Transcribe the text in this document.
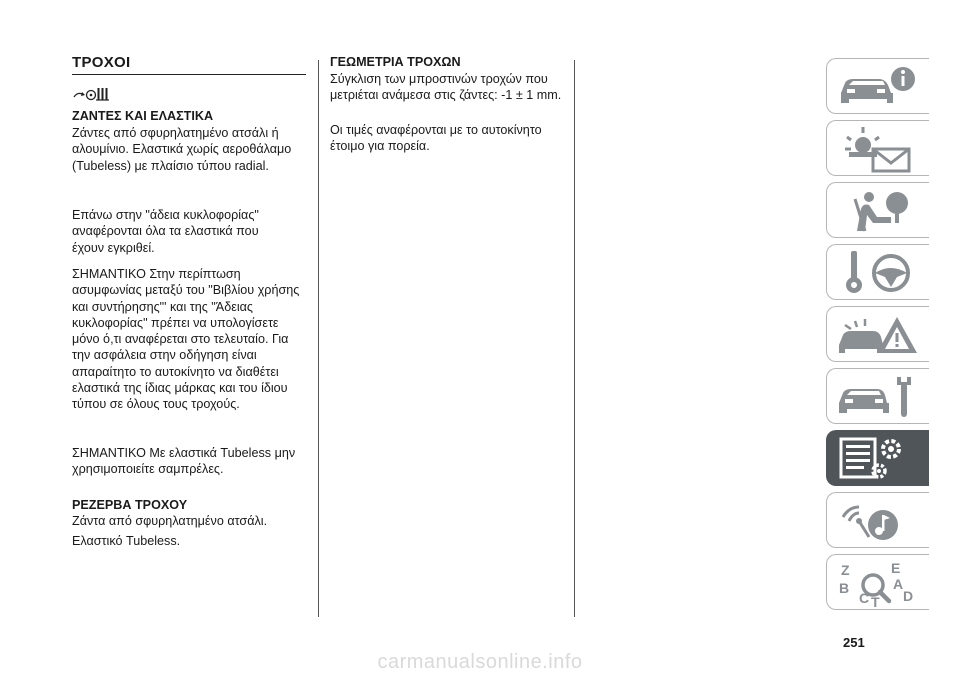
ΤΡΟΧΟΙ

ΖΑΝΤΕΣ ΚΑΙ ΕΛΑΣΤΙΚΑ

Ζάντες από σφυρηλατημένο ατσάλι ή αλουμίνιο. Ελαστικά χωρίς αεροθάλαμο (Tubeless) με πλαίσιο τύπου radial.

Επάνω στην "άδεια κυκλοφορίας" αναφέρονται όλα τα ελαστικά που έχουν εγκριθεί.

ΣΗΜΑΝΤΙΚΟ Στην περίπτωση ασυμφωνίας μεταξύ του "Βιβλίου χρήσης και συντήρησης"' και της "Άδειας κυκλοφορίας" πρέπει να υπολογίσετε μόνο ό,τι αναφέρεται στο τελευταίο. Για την ασφάλεια στην οδήγηση είναι απαραίτητο το αυτοκίνητο να διαθέτει ελαστικά της ίδιας μάρκας και του ίδιου τύπου σε όλους τους τροχούς.

ΣΗΜΑΝΤΙΚΟ Με ελαστικά Tubeless μην χρησιμοποιείτε σαμπρέλες.

ΡΕΖΕΡΒΑ ΤΡΟΧΟΥ

Ζάντα από σφυρηλατημένο ατσάλι.

Ελαστικό Tubeless.

ΓΕΩΜΕΤΡΙΑ ΤΡΟΧΩΝ

Σύγκλιση των μπροστινών τροχών που μετριέται ανάμεσα στις ζάντες: -1 ± 1 mm.

Οι τιμές αναφέρονται με το αυτοκίνητο έτοιμο για πορεία.

Z	E
B	A
C T D
251
carmanualsonline.info
